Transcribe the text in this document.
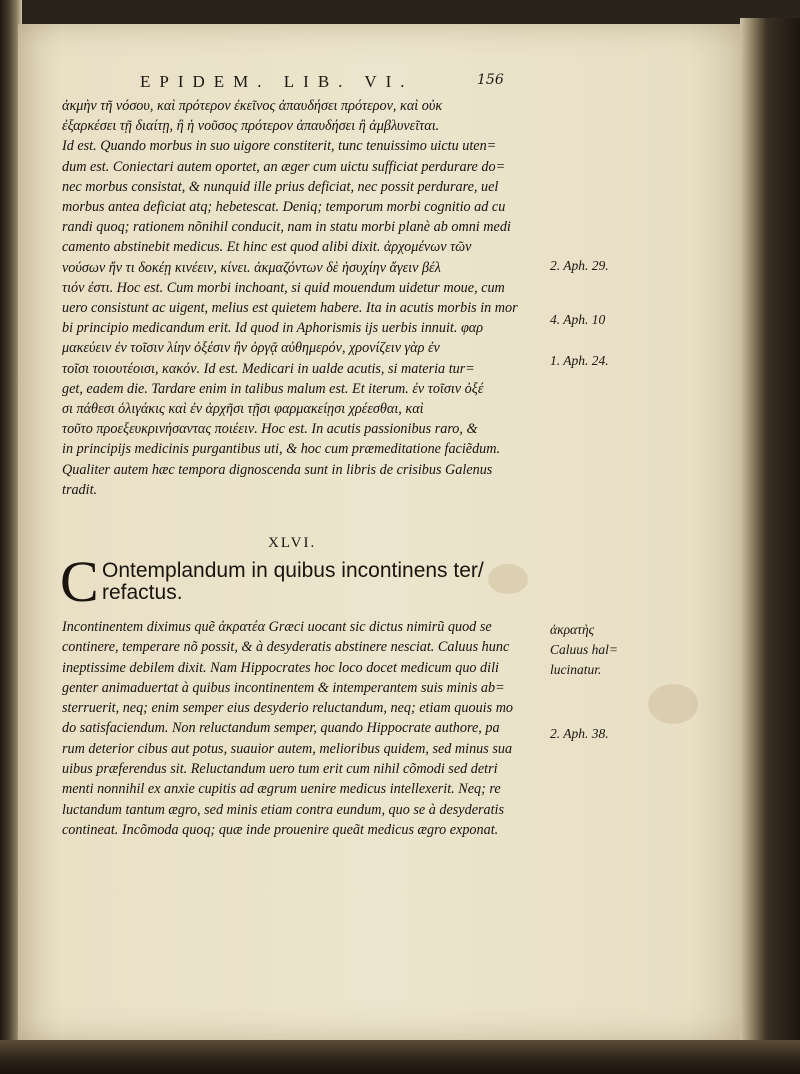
EPIDEM. LIB. VI.	156
ἀκμὴν τῆ νόσου, καὶ πρότερον ἐκεῖνος ἀπαυδήσει πρότερον, καὶ οὐκ
ἐξαρκέσει τῇ διαίτῃ, ἢ ἡ νοῦσος πρότερον ἀπαυδήσει ἢ ἀμβλυνεῖται.
Id est. Quando morbus in suo uigore constiterit, tunc tenuissimo uictu uten=
dum est. Coniectari autem oportet, an æger cum uictu sufficiat perdurare do=
nec morbus consistat, & nunquid ille prius deficiat, nec possit perdurare, uel
morbus antea deficiat atq; hebetescat. Deniq; temporum morbi cognitio ad cu
randi quoq; rationem nõnihil conducit, nam in statu morbi planè ab omni medi
camento abstinebit medicus. Et hinc est quod alibi dixit. ἀρχομένων τῶν
νούσων ἤν τι δοκέῃ κινέειν, κίνει. ἀκμαζόντων δὲ ἡσυχίην ἄγειν βέλ
τιόν ἐστι. Hoc est. Cum morbi inchoant, si quid mouendum uidetur moue, cum
uero consistunt ac uigent, melius est quietem habere. Ita in acutis morbis in mor
bi principio medicandum erit. Id quod in Aphorismis ijs uerbis innuit. φαρ
μακεύειν ἐν τοῖσιν λίην ὀξέσιν ἢν ὀργᾷ αὐθημερόν, χρονίζειν γὰρ ἐν
τοῖσι τοιουτέοισι, κακόν. Id est. Medicari in ualde acutis, si materia tur=
get, eadem die. Tardare enim in talibus malum est. Et iterum. ἐν τοῖσιν ὀξέ
σι πάθεσι ὀλιγάκις καὶ ἐν ἀρχῆσι τῇσι φαρμακείῃσι χρέεσθαι, καὶ
τοῦτο προεξευκρινήσαντας ποιέειν. Hoc est. In acutis passionibus raro, &
in principijs medicinis purgantibus uti, & hoc cum præmeditatione faciẽdum.
Qualiter autem hæc tempora dignoscenda sunt in libris de crisibus Galenus
tradit.
XLVI.
C Ontemplandum in quibus incontinens ter/
refactus.
Incontinentem diximus quẽ ἀκρατέα Græci uocant sic dictus nimirũ quod se
continere, temperare nõ possit, & à desyderatis abstinere nesciat. Caluus hunc
ineptissime debilem dixit. Nam Hippocrates hoc loco docet medicum quo dili
genter animaduertat à quibus incontinentem & intemperantem suis minis ab=
sterruerit, neq; enim semper eius desyderio reluctandum, neq; etiam quouis mo
do satisfaciendum. Non reluctandum semper, quando Hippocrate authore, pa
rum deterior cibus aut potus, suauior autem, melioribus quidem, sed minus sua
uibus præferendus sit. Reluctandum uero tum erit cum nihil cõmodi sed detri
menti nonnihil ex anxie cupitis ad ægrum uenire medicus intellexerit. Neq; re
luctandum tantum ægro, sed minis etiam contra eundum, quo se à desyderatis
contineat. Incõmoda quoq; quæ inde prouenire queãt medicus ægro exponat.
2. Aph. 29.
4. Aph. 10
1. Aph. 24.
ἀκρατὴς
Caluus hal=
lucinatur.
2. Aph. 38.
